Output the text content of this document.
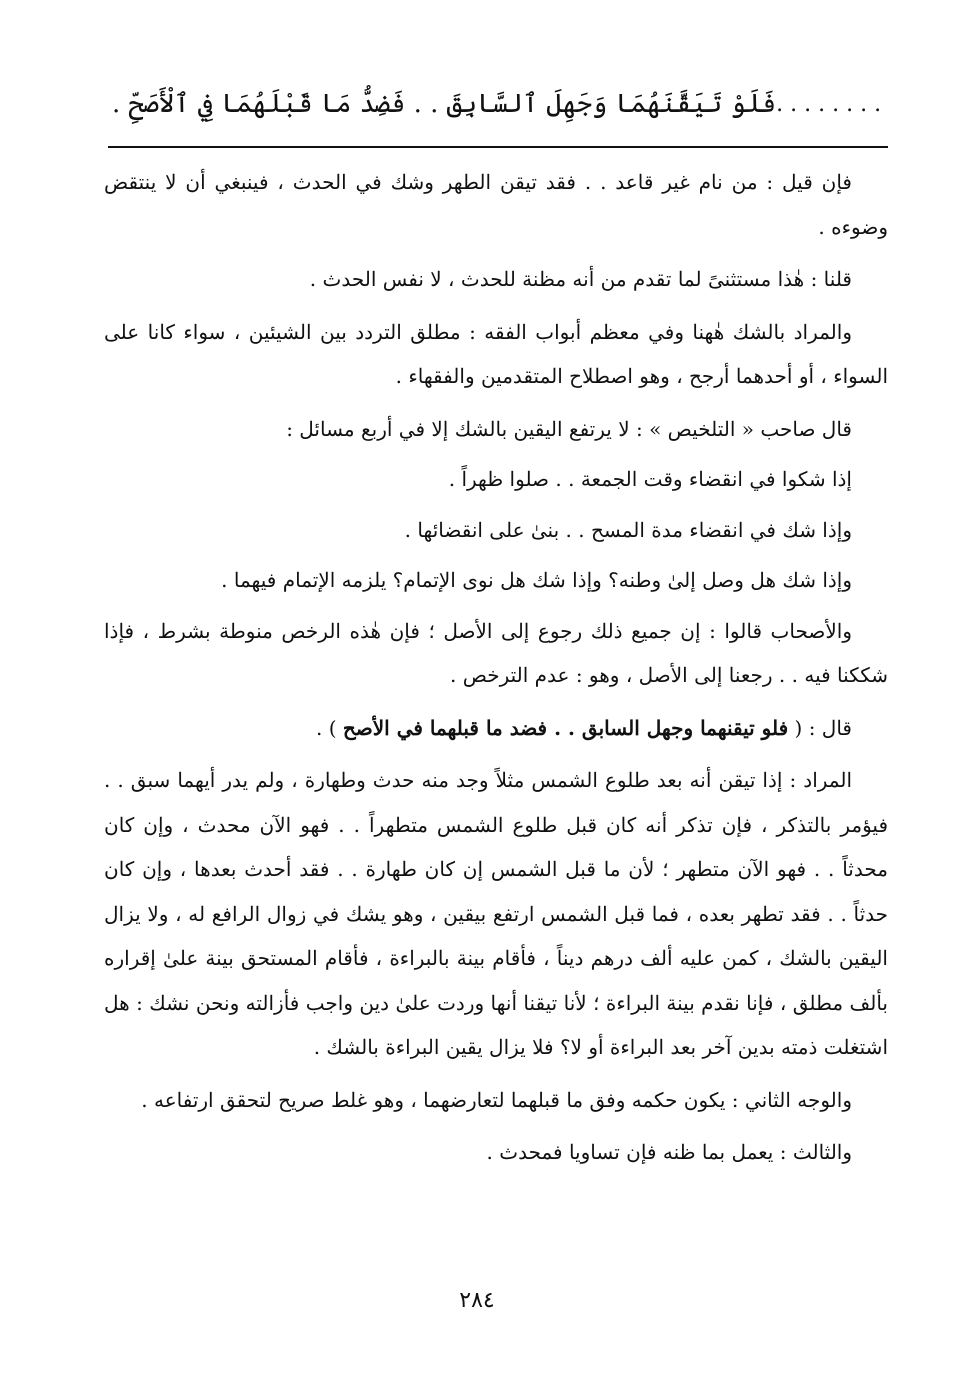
فَلَوْ تَيَقَّنَهُمَا وَجَهِلَ ٱلسَّابِقَ . . فَضِدُّ مَا قَبْلَهُمَا فِي ٱلْأَصَحِّ . ........

فإن قيل : من نام غير قاعد . . فقد تيقن الطهر وشك في الحدث ، فينبغي أن لا ينتقض وضوءه .

قلنا : هٰذا مستثنىً لما تقدم من أنه مظنة للحدث ، لا نفس الحدث .

والمراد بالشك هٰهنا وفي معظم أبواب الفقه : مطلق التردد بين الشيئين ، سواء كانا على السواء ، أو أحدهما أرجح ، وهو اصطلاح المتقدمين والفقهاء .

قال صاحب « التلخيص » : لا يرتفع اليقين بالشك إلا في أربع مسائل :

إذا شكوا في انقضاء وقت الجمعة . . صلوا ظهراً .

وإذا شك في انقضاء مدة المسح . . بنىٰ على انقضائها .

وإذا شك هل وصل إلىٰ وطنه؟ وإذا شك هل نوى الإتمام؟ يلزمه الإتمام فيهما .

والأصحاب قالوا : إن جميع ذلك رجوع إلى الأصل ؛ فإن هٰذه الرخص منوطة بشرط ، فإذا شككنا فيه . . رجعنا إلى الأصل ، وهو : عدم الترخص .

قال : ( فلو تيقنهما وجهل السابق . . فضد ما قبلهما في الأصح ) .

المراد : إذا تيقن أنه بعد طلوع الشمس مثلاً وجد منه حدث وطهارة ، ولم يدر أيهما سبق . . فيؤمر بالتذكر ، فإن تذكر أنه كان قبل طلوع الشمس متطهراً . . فهو الآن محدث ، وإن كان محدثاً . . فهو الآن متطهر ؛ لأن ما قبل الشمس إن كان طهارة . . فقد أحدث بعدها ، وإن كان حدثاً . . فقد تطهر بعده ، فما قبل الشمس ارتفع بيقين ، وهو يشك في زوال الرافع له ، ولا يزال اليقين بالشك ، كمن عليه ألف درهم ديناً ، فأقام بينة بالبراءة ، فأقام المستحق بينة علىٰ إقراره بألف مطلق ، فإنا نقدم بينة البراءة ؛ لأنا تيقنا أنها وردت علىٰ دين واجب فأزالته ونحن نشك : هل اشتغلت ذمته بدين آخر بعد البراءة أو لا؟ فلا يزال يقين البراءة بالشك .

والوجه الثاني : يكون حكمه وفق ما قبلهما لتعارضهما ، وهو غلط صريح لتحقق ارتفاعه .

والثالث : يعمل بما ظنه فإن تساويا فمحدث .

٢٨٤
